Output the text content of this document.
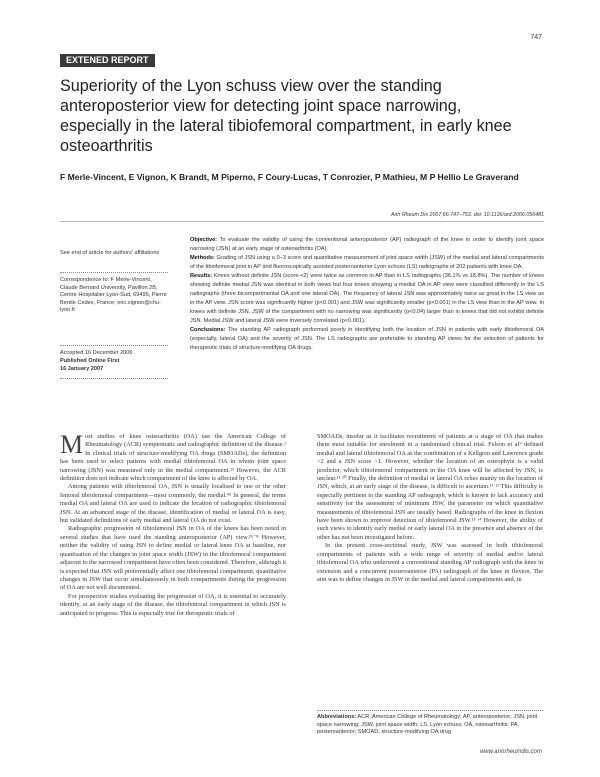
747
EXTENED REPORT
Superiority of the Lyon schuss view over the standing anteroposterior view for detecting joint space narrowing, especially in the lateral tibiofemoral compartment, in early knee osteoarthritis
F Merle-Vincent, E Vignon, K Brandt, M Piperno, F Coury-Lucas, T Conrozier, P Mathieu, M P Hellio Le Graverand
Ann Rheum Dis 2007;66:747–753. doi: 10.1136/ard.2006.056481

Objective: To evaluate the validity of using the conventional anteroposterior (AP) radiograph of the knee in order to identify joint space narrowing (JSN) at an early stage of osteoarthritis (OA).

Methods: Grading of JSN using a 0–3 score and quantitative measurement of joint space width (JSW) of the medial and lateral compartments of the tibiofemoral joint in AP and fluoroscopically assisted posteroanterior Lyon schuss (LS) radiographs of 202 patients with knee OA.

Results: Knees without definite JSN (score <2) were twice as common in AP than in LS radiographs (36.1% vs 18.8%). The number of knees showing definite medial JSN was identical in both views but four knees showing a medial OA in AP view were classified differently in the LS radiographs (three bicompartmental OA and one lateral OA). The frequency of lateral JSN was approximately twice as great in the LS view as in the AP view. JSN score was significantly higher (p<0.001) and JSW was significantly smaller (p<0.001) in the LS view than in the AP view. In knees with definite JSN, JSW of the compartment with no narrowing was significantly (p<0.04) larger than in knees that did not exhibit definite JSN. Medial JSW and lateral JSW were inversely correlated (p<0.001).

Conclusions: The standing AP radiograph performed poorly in identifying both the location of JSN in patients with early tibiofemoral OA (especially, lateral OA) and the severity of JSN. The LS radiographs are preferable to standing AP views for the selection of patients for therapeutic trials of structure-modifying OA drugs.

See end of article for authors' affiliations
Correspondence to: F Merle-Vincent, Claude Bernard University, Pavillon 2B, Centre Hospitalier Lyon-Sud, 69495, Pierre Benite Cedex, France; eric.vignon@chu-lyon.fr
Accepted 16 December 2006
Published Online First
16 January 2007

Most studies of knee osteoarthritis (OA) use the American College of Rheumatology (ACR) symptomatic and radiographic definition of the disease.¹ In clinical trials of structure-modifying OA drugs (SMOADs), the definition has been used to select patients with medial tibiofemoral OA in whom joint space narrowing (JSN) was measured only in the medial compartment.²³ However, the ACR definition does not indicate which compartment of the knee is affected by OA.

Among patients with tibiofemoral OA, JSN is usually localised to one or the other femoral tibiofemoral compartment—most commonly, the medial.⁴⁵ In general, the terms medial OA and lateral OA are used to indicate the location of radiographic tibiofemoral JSN. At an advanced stage of the disease, identification of medial or lateral OA is easy, but validated definitions of early medial and lateral OA do not exist.

Radiographic progression of tibiofemoral JSN in OA of the knees has been noted in several studies that have used the standing anteroposterior (AP) view.²⁶⁻⁸ However, neither the validity of using JSN to define medial or lateral knee OA at baseline, nor quantisation of the changes in joint space width (JSW) in the tibiofemoral compartment adjacent to the narrowed compartment have often been considered. Therefore, although it is expected that JSN will preferentially affect one tibiofemoral compartment, quantitative changes in JSW that occur simultaneously in both compartments during the progression of OA are not well documented.

For prospective studies evaluating the progression of OA, it is essential to accurately identify, at an early stage of the disease, the tibiofemoral compartment in which JSN is anticipated to progress. This is especially true for therapeutic trials of

SMOADs, insofar as it facilitates recruitment of patients at a stage of OA that makes them most suitable for enrolment in a randomised clinical trial. Felson et al⁹ defined medial and lateral tibiofemoral OA as the combination of a Kellgren and Lawrence grade >2 and a JSN score >1. However, whether the location of an osteophyte is a valid predictor, which tibiofemoral compartment in the OA knee will be affected by JSN, is unclear.¹¹ ¹⁰ Finally, the definition of medial or lateral OA relies mainly on the location of JSN, which, at an early stage of the disease, is difficult to ascertain.¹¹ ¹² This difficulty is especially pertinent to the standing AP radiograph, which is known to lack accuracy and sensitivity for the assessment of minimum JSW, the parameter on which quantitative measurements of tibiofemoral JSN are usually based. Radiographs of the knee in flexion have been shown to improve detection of tibiofemoral JSW.¹³ ¹⁴ However, the ability of such views to identify early medial or early lateral OA in the presence and absence of the other has not been investigated before.

In the present cross-sectional study, JSW was assessed in both tibiofemoral compartments of patients with a wide range of severity of medial and/or lateral tibiofemoral OA who underwent a conventional standing AP radiograph with the knee in extension and a concurrent posteroanterior (PA) radiograph of the knee in flexion. The aim was to define changes in JSW in the medial and lateral compartments and, in

Abbreviations: ACR, American College of Rheumatology; AP, anteroposterior; JSN, joint space narrowing; JSW, joint space width; LS, Lyon schuss; OA, osteoarthritis; PA, posteroanterior; SMOAD, structure-modifying OA drug
www.annrheumdis.com
